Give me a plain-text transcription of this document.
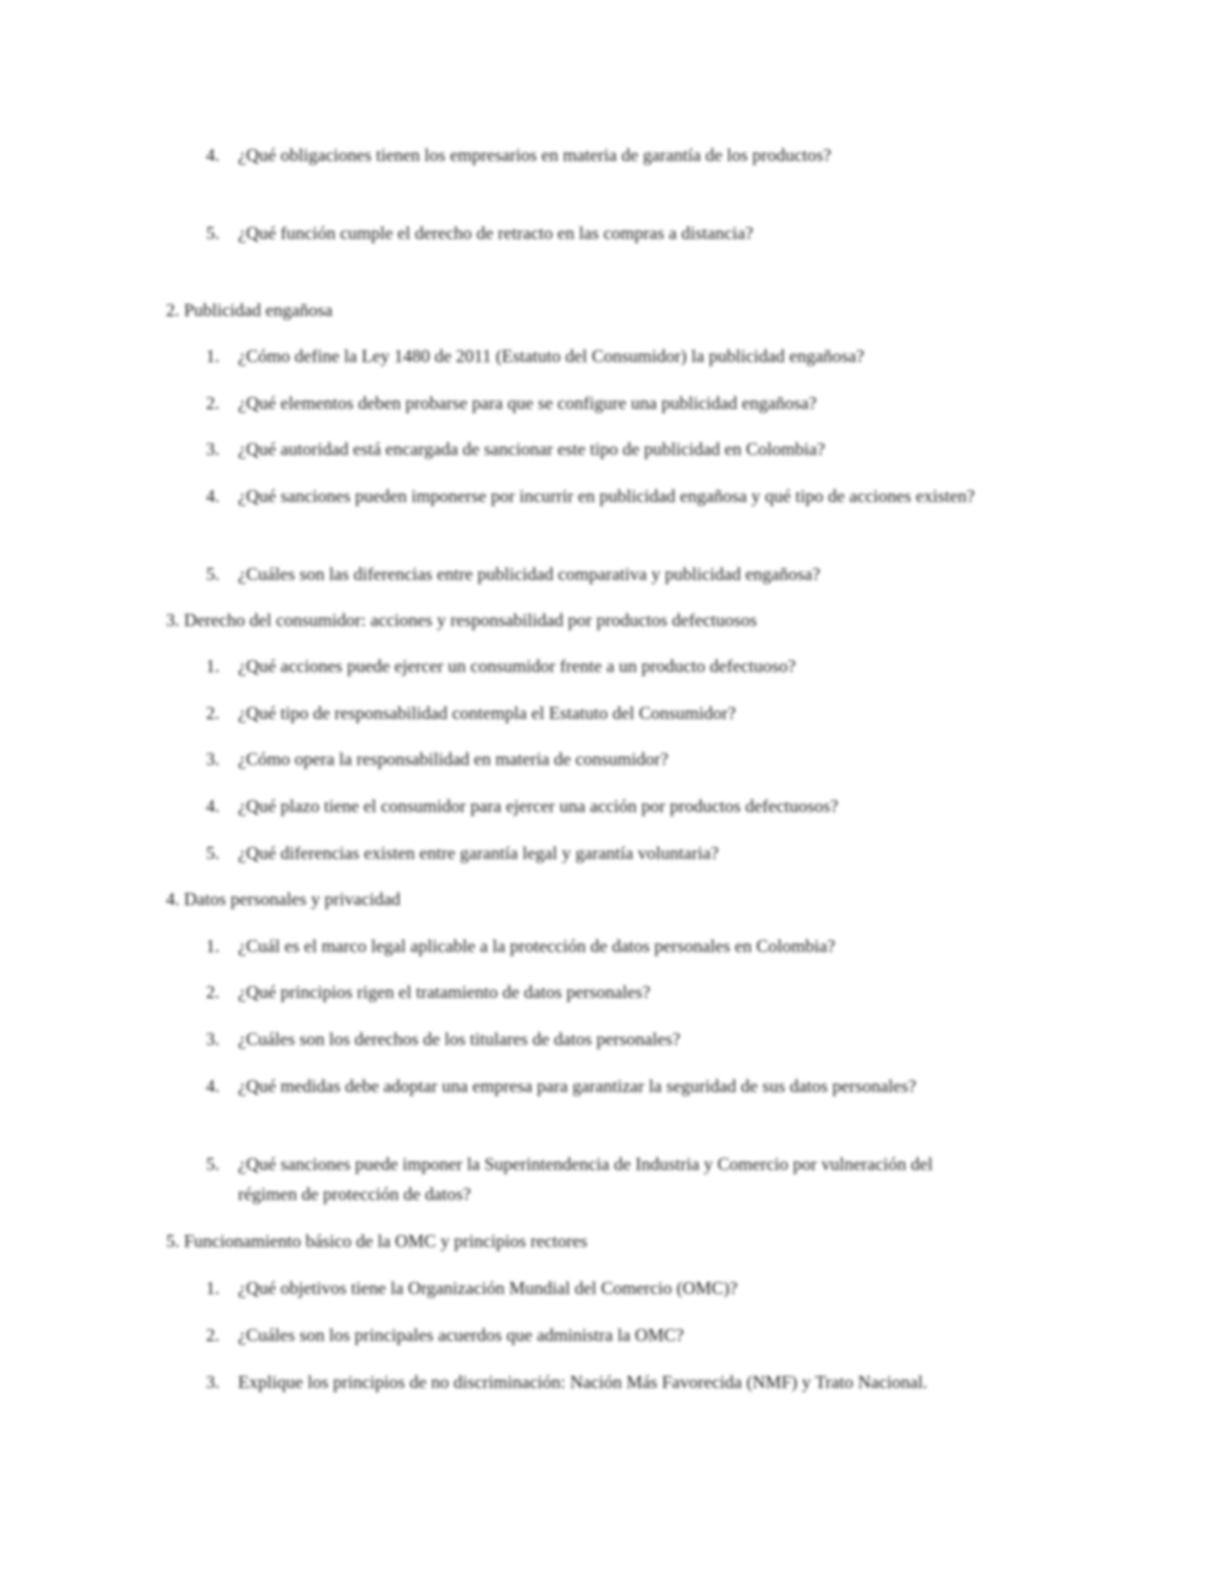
4.	¿Qué obligaciones tienen los empresarios en materia de garantía de los productos?
5.	¿Qué función cumple el derecho de retracto en las compras a distancia?
2. Publicidad engañosa
1.	¿Cómo define la Ley 1480 de 2011 (Estatuto del Consumidor) la publicidad engañosa?
2.	¿Qué elementos deben probarse para que se configure una publicidad engañosa?
3.	¿Qué autoridad está encargada de sancionar este tipo de publicidad en Colombia?
4.	¿Qué sanciones pueden imponerse por incurrir en publicidad engañosa y qué tipo de acciones existen?
5.	¿Cuáles son las diferencias entre publicidad comparativa y publicidad engañosa?
3. Derecho del consumidor: acciones y responsabilidad por productos defectuosos
1.	¿Qué acciones puede ejercer un consumidor frente a un producto defectuoso?
2.	¿Qué tipo de responsabilidad contempla el Estatuto del Consumidor?
3.	¿Cómo opera la responsabilidad en materia de consumidor?
4.	¿Qué plazo tiene el consumidor para ejercer una acción por productos defectuosos?
5.	¿Qué diferencias existen entre garantía legal y garantía voluntaria?
4. Datos personales y privacidad
1.	¿Cuál es el marco legal aplicable a la protección de datos personales en Colombia?
2.	¿Qué principios rigen el tratamiento de datos personales?
3.	¿Cuáles son los derechos de los titulares de datos personales?
4.	¿Qué medidas debe adoptar una empresa para garantizar la seguridad de sus datos personales?
5.	¿Qué sanciones puede imponer la Superintendencia de Industria y Comercio por vulneración del régimen de protección de datos?
5. Funcionamiento básico de la OMC y principios rectores
1.	¿Qué objetivos tiene la Organización Mundial del Comercio (OMC)?
2.	¿Cuáles son los principales acuerdos que administra la OMC?
3.	Explique los principios de no discriminación: Nación Más Favorecida (NMF) y Trato Nacional.
